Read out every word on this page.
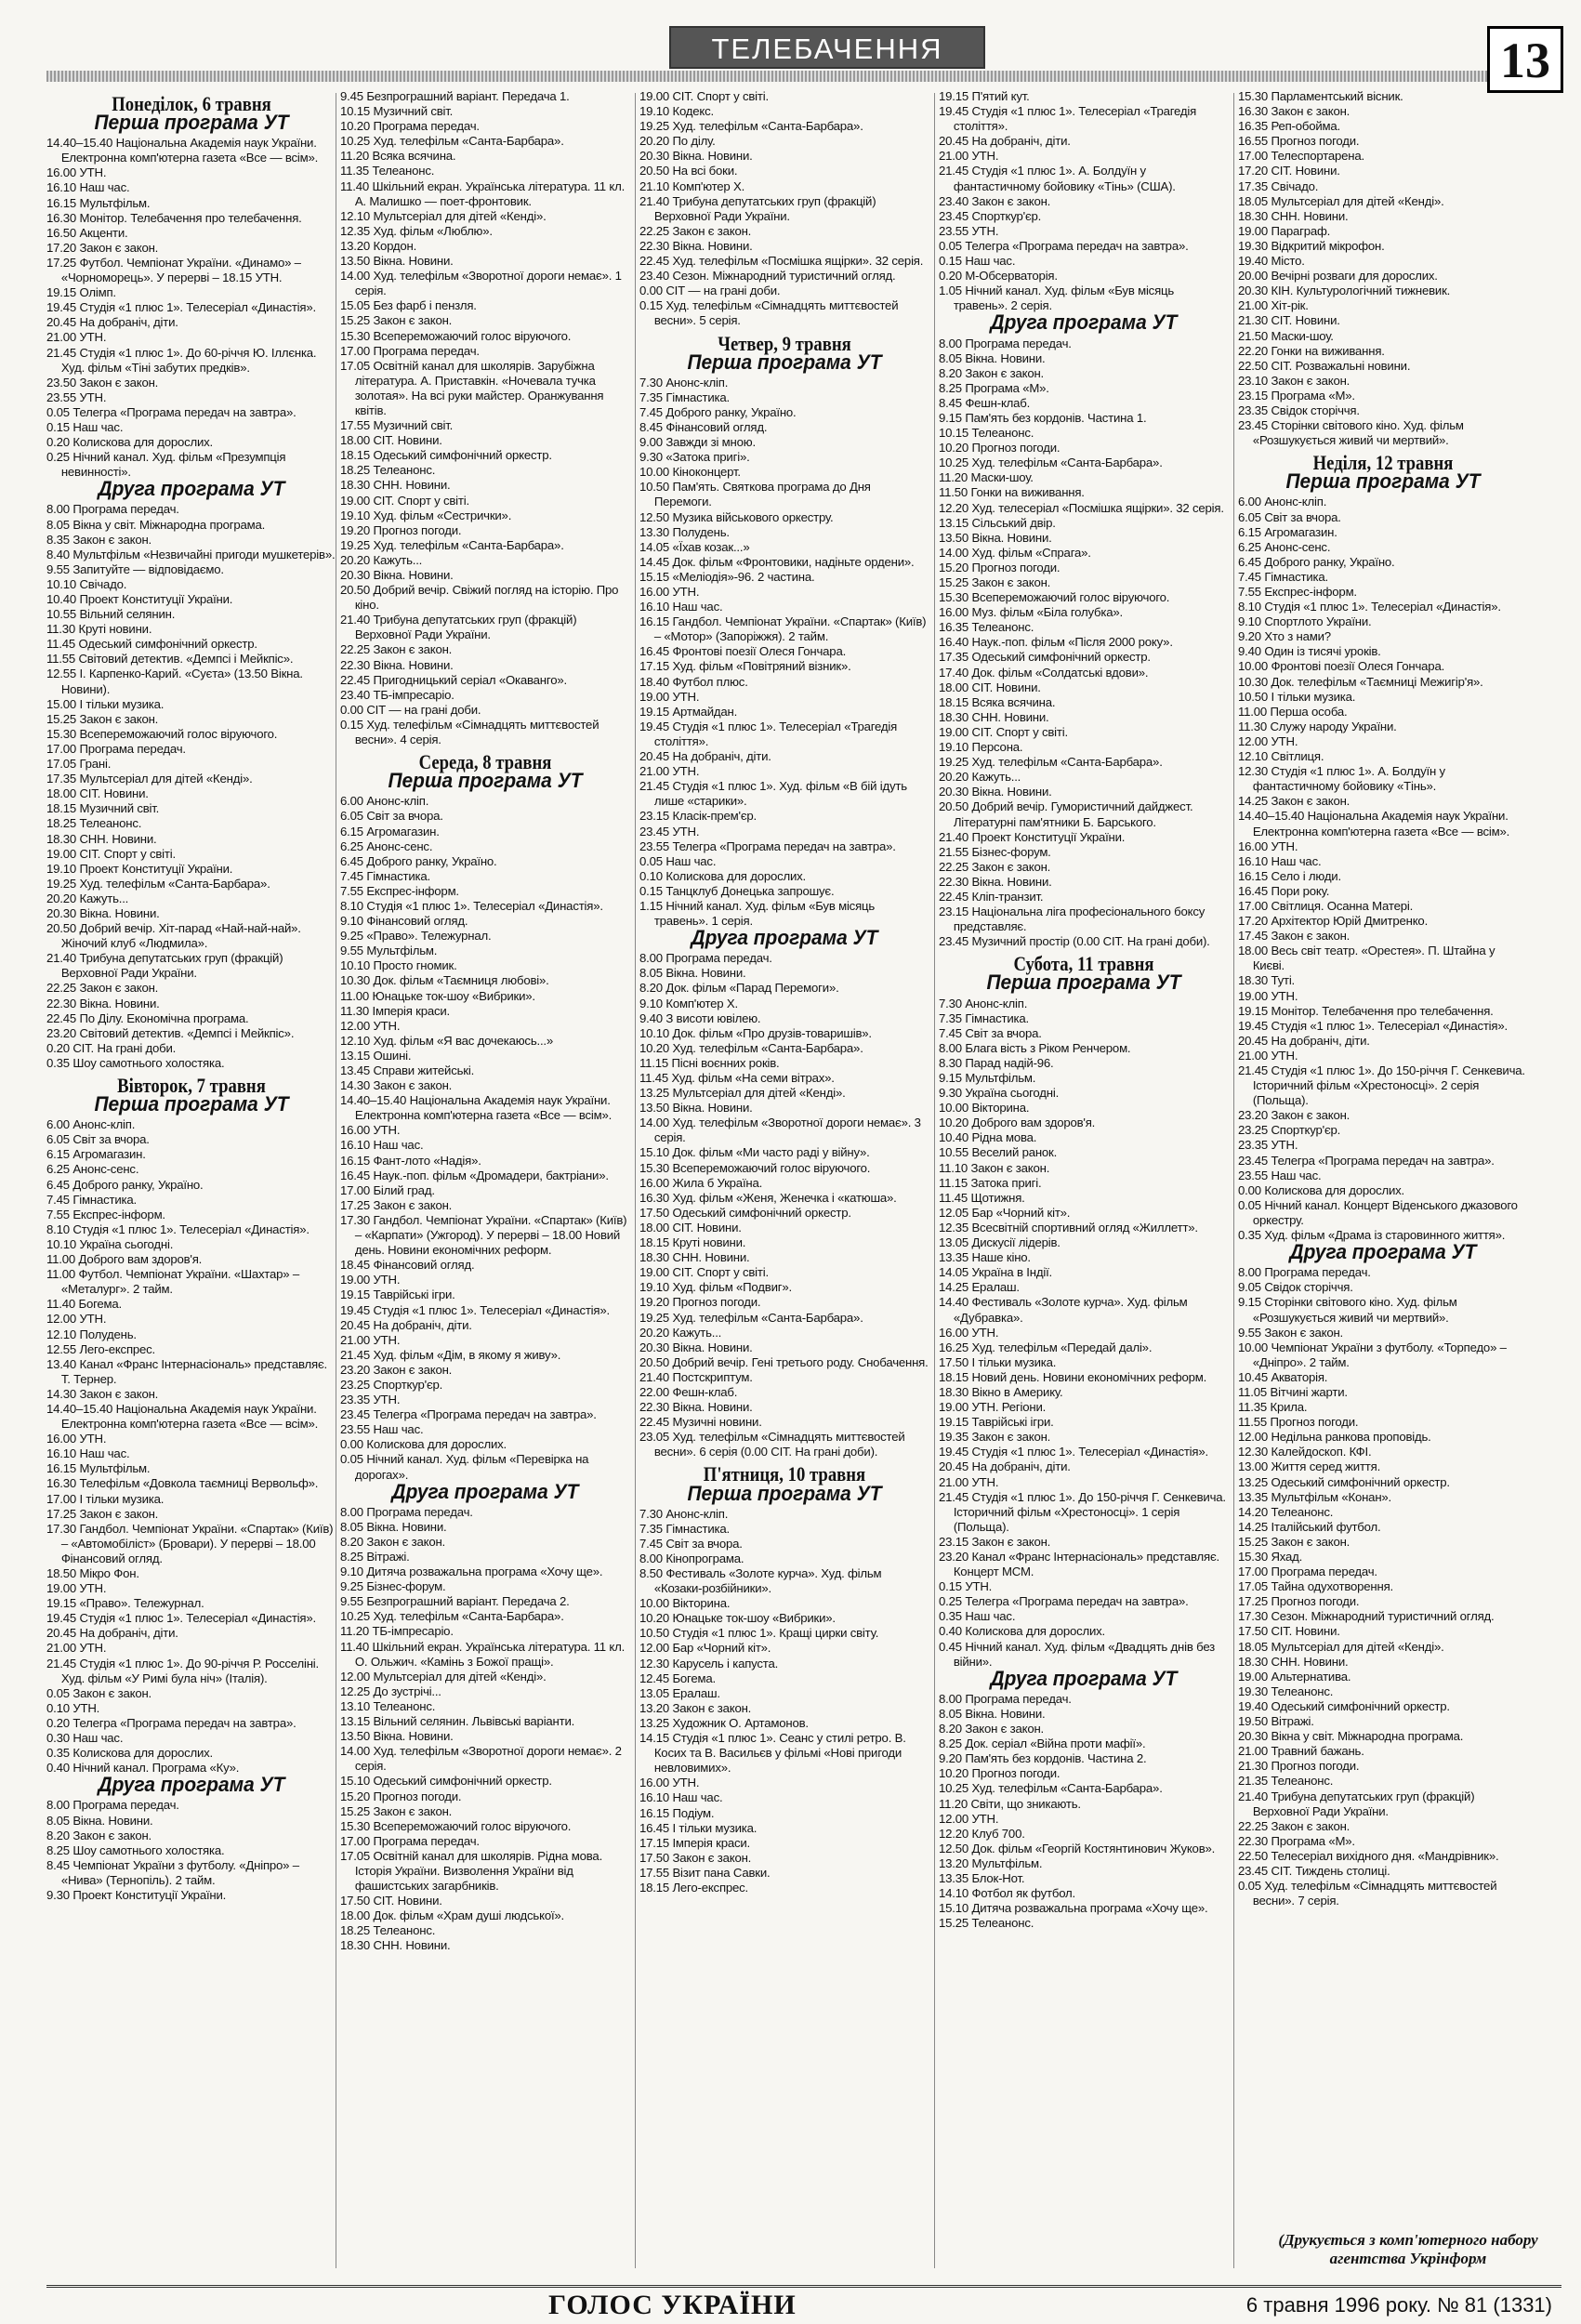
ТЕЛЕБАЧЕННЯ	13
Понеділок, 6 травня
Перша програма УТ

14.40–15.40 Національна Академія наук України. Електронна комп'ютерна газета «Все — всім».

16.00 УТН.

16.10 Наш час.

16.15 Мультфільм.

16.30 Монітор. Телебачення про телебачення.

16.50 Акценти.

17.20 Закон є закон.

17.25 Футбол. Чемпіонат України. «Динамо» – «Чорноморець». У перерві – 18.15 УТН.

19.15 Олімп.

19.45 Студія «1 плюс 1». Телесеріал «Династія».

20.45 На добраніч, діти.

21.00 УТН.

21.45 Студія «1 плюс 1». До 60-річчя Ю. Іллєнка. Худ. фільм «Тіні забутих предків».

23.50 Закон є закон.

23.55 УТН.

0.05 Телегра «Програма передач на завтра».

0.15 Наш час.

0.20 Колискова для дорослих.

0.25 Нічний канал. Худ. фільм «Презумпція невинності».

Друга програма УТ

8.00 Програма передач.

8.05 Вікна у світ. Міжнародна програма.

8.35 Закон є закон.

8.40 Мультфільм «Незвичайні пригоди мушкетерів».

9.55 Запитуйте — відповідаємо.

10.10 Свічадо.

10.40 Проект Конституції України.

10.55 Вільний селянин.

11.30 Круті новини.

11.45 Одеський симфонічний оркестр.

11.55 Світовий детектив. «Демпсі і Мейкпіс».

12.55 І. Карпенко-Карий. «Суєта» (13.50 Вікна. Новини).

15.00 І тільки музика.

15.25 Закон є закон.

15.30 Всепереможаючий голос віруючого.

17.00 Програма передач.

17.05 Грані.

17.35 Мультсеріал для дітей «Кенді».

18.00 СІТ. Новини.

18.15 Музичний світ.

18.25 Телеанонс.

18.30 СНН. Новини.

19.00 СІТ. Спорт у світі.

19.10 Проект Конституції України.

19.25 Худ. телефільм «Санта-Барбара».

20.20 Кажуть...

20.30 Вікна. Новини.

20.50 Добрий вечір. Хіт-парад «Най-най-най». Жіночий клуб «Людмила».

21.40 Трибуна депутатських груп (фракцій) Верховної Ради України.

22.25 Закон є закон.

22.30 Вікна. Новини.

22.45 По Ділу. Економічна програма.

23.20 Світовий детектив. «Демпсі і Мейкпіс».

0.20 СІТ. На грані доби.

0.35 Шоу самотнього холостяка.

Вівторок, 7 травня
Перша програма УТ

6.00 Анонс-кліп.

6.05 Світ за вчора.

6.15 Агромагазин.

6.25 Анонс-сенс.

6.45 Доброго ранку, Україно.

7.45 Гімнастика.

7.55 Експрес-інформ.

8.10 Студія «1 плюс 1». Телесеріал «Династія».

10.10 Україна сьогодні.

11.00 Доброго вам здоров'я.

11.00 Футбол. Чемпіонат України. «Шахтар» – «Металург». 2 тайм.

11.40 Богема.

12.00 УТН.

12.10 Полудень.

12.55 Лего-експрес.

13.40 Канал «Франс Інтернасіональ» представляє. Т. Тернер.

14.30 Закон є закон.

14.40–15.40 Національна Академія наук України. Електронна комп'ютерна газета «Все — всім».

16.00 УТН.

16.10 Наш час.

16.15 Мультфільм.

16.30 Телефільм «Довкола таємниці Вервольф».

17.00 І тільки музика.

17.25 Закон є закон.

17.30 Гандбол. Чемпіонат України. «Спартак» (Київ) – «Автомобіліст» (Бровари). У перерві – 18.00 Фінансовий огляд.

18.50 Мікро Фон.

19.00 УТН.

19.15 «Право». Тележурнал.

19.45 Студія «1 плюс 1». Телесеріал «Династія».

20.45 На добраніч, діти.

21.00 УТН.

21.45 Студія «1 плюс 1». До 90-річчя Р. Росселіні. Худ. фільм «У Римі була ніч» (Італія).

0.05 Закон є закон.

0.10 УТН.

0.20 Телегра «Програма передач на завтра».

0.30 Наш час.

0.35 Колискова для дорослих.

0.40 Нічний канал. Програма «Ку».

Друга програма УТ

8.00 Програма передач.

8.05 Вікна. Новини.

8.20 Закон є закон.

8.25 Шоу самотнього холостяка.

8.45 Чемпіонат України з футболу. «Дніпро» – «Нива» (Тернопіль). 2 тайм.

9.30 Проект Конституції України.

9.45 Безпрограшний варіант. Передача 1.

10.15 Музичний світ.

10.20 Програма передач.

10.25 Худ. телефільм «Санта-Барбара».

11.20 Всяка всячина.

11.35 Телеанонс.

11.40 Шкільний екран. Українська література. 11 кл. А. Малишко — поет-фронтовик.

12.10 Мультсеріал для дітей «Кенді».

12.35 Худ. фільм «Люблю».

13.20 Кордон.

13.50 Вікна. Новини.

14.00 Худ. телефільм «Зворотної дороги немає». 1 серія.

15.05 Без фарб і пензля.

15.25 Закон є закон.

15.30 Всепереможаючий голос віруючого.

17.00 Програма передач.

17.05 Освітній канал для школярів. Зарубіжна література. А. Приставкін. «Ночевала тучка золотая». На всі руки майстер. Оранжування квітів.

17.55 Музичний світ.

18.00 СІТ. Новини.

18.15 Одеський симфонічний оркестр.

18.25 Телеанонс.

18.30 СНН. Новини.

19.00 СІТ. Спорт у світі.

19.10 Худ. фільм «Сестрички».

19.20 Прогноз погоди.

19.25 Худ. телефільм «Санта-Барбара».

20.20 Кажуть...

20.30 Вікна. Новини.

20.50 Добрий вечір. Свіжий погляд на історію. Про кіно.

21.40 Трибуна депутатських груп (фракцій) Верховної Ради України.

22.25 Закон є закон.

22.30 Вікна. Новини.

22.45 Пригодницький серіал «Окаванго».

23.40 ТБ-імпресаріо.

0.00 СІТ — на грані доби.

0.15 Худ. телефільм «Сімнадцять миттєвостей весни». 4 серія.

Середа, 8 травня
Перша програма УТ

6.00 Анонс-кліп.

6.05 Світ за вчора.

6.15 Агромагазин.

6.25 Анонс-сенс.

6.45 Доброго ранку, Україно.

7.45 Гімнастика.

7.55 Експрес-інформ.

8.10 Студія «1 плюс 1». Телесеріал «Династія».

9.10 Фінансовий огляд.

9.25 «Право». Тележурнал.

9.55 Мультфільм.

10.10 Просто гномик.

10.30 Док. фільм «Таємниця любові».

11.00 Юнацьке ток-шоу «Вибрики».

11.30 Імперія краси.

12.00 УТН.

12.10 Худ. фільм «Я вас дочекаюсь...»

13.15 Ошині.

13.45 Справи житейські.

14.30 Закон є закон.

14.40–15.40 Національна Академія наук України. Електронна комп'ютерна газета «Все — всім».

16.00 УТН.

16.10 Наш час.

16.15 Фант-лото «Надія».

16.45 Наук.-поп. фільм «Дромадери, бактріани».

17.00 Білий град.

17.25 Закон є закон.

17.30 Гандбол. Чемпіонат України. «Спартак» (Київ) – «Карпати» (Ужгород). У перерві – 18.00 Новий день. Новини економічних реформ.

18.45 Фінансовий огляд.

19.00 УТН.

19.15 Таврійські ігри.

19.45 Студія «1 плюс 1». Телесеріал «Династія».

20.45 На добраніч, діти.

21.00 УТН.

21.45 Худ. фільм «Дім, в якому я живу».

23.20 Закон є закон.

23.25 Спорткур'єр.

23.35 УТН.

23.45 Телегра «Програма передач на завтра».

23.55 Наш час.

0.00 Колискова для дорослих.

0.05 Нічний канал. Худ. фільм «Перевірка на дорогах».

Друга програма УТ

8.00 Програма передач.

8.05 Вікна. Новини.

8.20 Закон є закон.

8.25 Вітражі.

9.10 Дитяча розважальна програма «Хочу ще».

9.25 Бізнес-форум.

9.55 Безпрограшний варіант. Передача 2.

10.25 Худ. телефільм «Санта-Барбара».

11.20 ТБ-імпресаріо.

11.40 Шкільний екран. Українська література. 11 кл. О. Ольжич. «Камінь з Божої пращі».

12.00 Мультсеріал для дітей «Кенді».

12.25 До зустрічі...

13.10 Телеанонс.

13.15 Вільний селянин. Львівські варіанти.

13.50 Вікна. Новини.

14.00 Худ. телефільм «Зворотної дороги немає». 2 серія.

15.10 Одеський симфонічний оркестр.

15.20 Прогноз погоди.

15.25 Закон є закон.

15.30 Всепереможаючий голос віруючого.

17.00 Програма передач.

17.05 Освітній канал для школярів. Рідна мова. Історія України. Визволення України від фашистських загарбників.

17.50 СІТ. Новини.

18.00 Док. фільм «Храм душі людської».

18.25 Телеанонс.

18.30 СНН. Новини.

19.00 СІТ. Спорт у світі.

19.10 Кодекс.

19.25 Худ. телефільм «Санта-Барбара».

20.20 По ділу.

20.30 Вікна. Новини.

20.50 На всі боки.

21.10 Комп'ютер Х.

21.40 Трибуна депутатських груп (фракцій) Верховної Ради України.

22.25 Закон є закон.

22.30 Вікна. Новини.

22.45 Худ. телефільм «Посмішка ящірки». 32 серія.

23.40 Сезон. Міжнародний туристичний огляд.

0.00 СІТ — на грані доби.

0.15 Худ. телефільм «Сімнадцять миттєвостей весни». 5 серія.

Четвер, 9 травня
Перша програма УТ

7.30 Анонс-кліп.

7.35 Гімнастика.

7.45 Доброго ранку, Україно.

8.45 Фінансовий огляд.

9.00 Завжди зі мною.

9.30 «Затока пригі».

10.00 Кіноконцерт.

10.50 Пам'ять. Святкова програма до Дня Перемоги.

12.50 Музика військового оркестру.

13.30 Полудень.

14.05 «Їхав козак...»

14.45 Док. фільм «Фронтовики, надіньте ордени».

15.15 «Меліодія»-96. 2 частина.

16.00 УТН.

16.10 Наш час.

16.15 Гандбол. Чемпіонат України. «Спартак» (Київ) – «Мотор» (Запоріжжя). 2 тайм.

16.45 Фронтові поезії Олеся Гончара.

17.15 Худ. фільм «Повітряний візник».

18.40 Футбол плюс.

19.00 УТН.

19.15 Артмайдан.

19.45 Студія «1 плюс 1». Телесеріал «Трагедія століття».

20.45 На добраніч, діти.

21.00 УТН.

21.45 Студія «1 плюс 1». Худ. фільм «В бій ідуть лише «старики».

23.15 Класік-прем'єр.

23.45 УТН.

23.55 Телегра «Програма передач на завтра».

0.05 Наш час.

0.10 Колискова для дорослих.

0.15 Танцклуб Донецька запрошує.

1.15 Нічний канал. Худ. фільм «Був місяць травень». 1 серія.

Друга програма УТ

8.00 Програма передач.

8.05 Вікна. Новини.

8.20 Док. фільм «Парад Перемоги».

9.10 Комп'ютер Х.

9.40 З висоти ювілею.

10.10 Док. фільм «Про друзів-товаришів».

10.20 Худ. телефільм «Санта-Барбара».

11.15 Пісні воєнних років.

11.45 Худ. фільм «На семи вітрах».

13.25 Мультсеріал для дітей «Кенді».

13.50 Вікна. Новини.

14.00 Худ. телефільм «Зворотної дороги немає». 3 серія.

15.10 Док. фільм «Ми часто раді у війну».

15.30 Всепереможаючий голос віруючого.

16.00 Жила б Україна.

16.30 Худ. фільм «Женя, Женечка і «катюша».

17.50 Одеський симфонічний оркестр.

18.00 СІТ. Новини.

18.15 Круті новини.

18.30 СНН. Новини.

19.00 СІТ. Спорт у світі.

19.10 Худ. фільм «Подвиг».

19.20 Прогноз погоди.

19.25 Худ. телефільм «Санта-Барбара».

20.20 Кажуть...

20.30 Вікна. Новини.

20.50 Добрий вечір. Гені третього роду. Снобачення.

21.40 Постскриптум.

22.00 Фешн-клаб.

22.30 Вікна. Новини.

22.45 Музичні новини.

23.05 Худ. телефільм «Сімнадцять миттєвостей весни». 6 серія (0.00 СІТ. На грані доби).

П'ятниця, 10 травня
Перша програма УТ

7.30 Анонс-кліп.

7.35 Гімнастика.

7.45 Світ за вчора.

8.00 Кінопрограма.

8.50 Фестиваль «Золоте курча». Худ. фільм «Козаки-розбійники».

10.00 Вікторина.

10.20 Юнацьке ток-шоу «Вибрики».

10.50 Студія «1 плюс 1». Кращі цирки світу.

12.00 Бар «Чорний кіт».

12.30 Карусель і капуста.

12.45 Богема.

13.05 Ералаш.

13.20 Закон є закон.

13.25 Художник О. Артамонов.

14.15 Студія «1 плюс 1». Сеанс у стилі ретро. В. Косих та В. Васильєв у фільмі «Нові пригоди невловимих».

16.00 УТН.

16.10 Наш час.

16.15 Подіум.

16.45 І тільки музика.

17.15 Імперія краси.

17.50 Закон є закон.

17.55 Візит пана Савки.

18.15 Лего-експрес.

19.15 П'ятий кут.

19.45 Студія «1 плюс 1». Телесеріал «Трагедія століття».

20.45 На добраніч, діти.

21.00 УТН.

21.45 Студія «1 плюс 1». А. Болдуїн у фантастичному бойовику «Тінь» (США).

23.40 Закон є закон.

23.45 Спорткур'єр.

23.55 УТН.

0.05 Телегра «Програма передач на завтра».

0.15 Наш час.

0.20 М-Обсерваторія.

1.05 Нічний канал. Худ. фільм «Був місяць травень». 2 серія.

Друга програма УТ

8.00 Програма передач.

8.05 Вікна. Новини.

8.20 Закон є закон.

8.25 Програма «М».

8.45 Фешн-клаб.

9.15 Пам'ять без кордонів. Частина 1.

10.15 Телеанонс.

10.20 Прогноз погоди.

10.25 Худ. телефільм «Санта-Барбара».

11.20 Маски-шоу.

11.50 Гонки на виживання.

12.20 Худ. телесеріал «Посмішка ящірки». 32 серія.

13.15 Сільський двір.

13.50 Вікна. Новини.

14.00 Худ. фільм «Спрага».

15.20 Прогноз погоди.

15.25 Закон є закон.

15.30 Всепереможаючий голос віруючого.

16.00 Муз. фільм «Біла голубка».

16.35 Телеанонс.

16.40 Наук.-поп. фільм «Після 2000 року».

17.35 Одеський симфонічний оркестр.

17.40 Док. фільм «Солдатські вдови».

18.00 СІТ. Новини.

18.15 Всяка всячина.

18.30 СНН. Новини.

19.00 СІТ. Спорт у світі.

19.10 Персона.

19.25 Худ. телефільм «Санта-Барбара».

20.20 Кажуть...

20.30 Вікна. Новини.

20.50 Добрий вечір. Гумористичний дайджест. Літературні пам'ятники Б. Барського.

21.40 Проект Конституції України.

21.55 Бізнес-форум.

22.25 Закон є закон.

22.30 Вікна. Новини.

22.45 Кліп-транзит.

23.15 Національна ліга професіонального боксу представляє.

23.45 Музичний простір (0.00 СІТ. На грані доби).

Субота, 11 травня
Перша програма УТ

7.30 Анонс-кліп.

7.35 Гімнастика.

7.45 Світ за вчора.

8.00 Блага вість з Рікoм Ренчером.

8.30 Парад надій-96.

9.15 Мультфільм.

9.30 Україна сьогодні.

10.00 Вікторина.

10.20 Доброго вам здоров'я.

10.40 Рідна мова.

10.55 Веселий ранок.

11.10 Закон є закон.

11.15 Затока пригі.

11.45 Щотижня.

12.05 Бар «Чорний кіт».

12.35 Всесвітній спортивний огляд «Жиллетт».

13.05 Дискусії лідерів.

13.35 Наше кіно.

14.05 Україна в Індії.

14.25 Ералаш.

14.40 Фестиваль «Золоте курча». Худ. фільм «Дубравка».

16.00 УТН.

16.25 Худ. телефільм «Передай далі».

17.50 І тільки музика.

18.15 Новий день. Новини економічних реформ.

18.30 Вікно в Америку.

19.00 УТН. Регіони.

19.15 Таврійські ігри.

19.35 Закон є закон.

19.45 Студія «1 плюс 1». Телесеріал «Династія».

20.45 На добраніч, діти.

21.00 УТН.

21.45 Студія «1 плюс 1». До 150-річчя Г. Сенкевича. Історичний фільм «Хрестоносці». 1 серія (Польща).

23.15 Закон є закон.

23.20 Канал «Франс Інтернасіональ» представляє. Концерт МСМ.

0.15 УТН.

0.25 Телегра «Програма передач на завтра».

0.35 Наш час.

0.40 Колискова для дорослих.

0.45 Нічний канал. Худ. фільм «Двадцять днів без війни».

Друга програма УТ

8.00 Програма передач.

8.05 Вікна. Новини.

8.20 Закон є закон.

8.25 Док. серіал «Війна проти мафії».

9.20 Пам'ять без кордонів. Частина 2.

10.20 Прогноз погоди.

10.25 Худ. телефільм «Санта-Барбара».

11.20 Світи, що зникають.

12.00 УТН.

12.20 Клуб 700.

12.50 Док. фільм «Георгій Костянтинович Жуков».

13.20 Мультфільм.

13.35 Блок-Нот.

14.10 Фотбол як футбол.

15.10 Дитяча розважальна програма «Хочу ще».

15.25 Телеанонс.

15.30 Парламентський вісник.

16.30 Закон є закон.

16.35 Реп-обойма.

16.55 Прогноз погоди.

17.00 Телеспортарена.

17.20 СІТ. Новини.

17.35 Свічадо.

18.05 Мультсеріал для дітей «Кенді».

18.30 СНН. Новини.

19.00 Параграф.

19.30 Відкритий мікрофон.

19.40 Місто.

20.00 Вечірні розваги для дорослих.

20.30 КІН. Культурологічний тижневик.

21.00 Хіт-рік.

21.30 СІТ. Новини.

21.50 Маски-шоу.

22.20 Гонки на виживання.

22.50 СІТ. Розважальні новини.

23.10 Закон є закон.

23.15 Програма «М».

23.35 Свідок сторіччя.

23.45 Сторінки світового кіно. Худ. фільм «Розшукується живий чи мертвий».

Неділя, 12 травня
Перша програма УТ

6.00 Анонс-кліп.

6.05 Світ за вчора.

6.15 Агромагазин.

6.25 Анонс-сенс.

6.45 Доброго ранку, Україно.

7.45 Гімнастика.

7.55 Експрес-інформ.

8.10 Студія «1 плюс 1». Телесеріал «Династія».

9.10 Спортлото України.

9.20 Хто з нами?

9.40 Один із тисячі уроків.

10.00 Фронтові поезії Олеся Гончара.

10.30 Док. телефільм «Таємниці Межигір'я».

10.50 І тільки музика.

11.00 Перша особа.

11.30 Служу народу України.

12.00 УТН.

12.10 Світлиця.

12.30 Студія «1 плюс 1». А. Болдуїн у фантастичному бойовику «Тінь».

14.25 Закон є закон.

14.40–15.40 Національна Академія наук України. Електронна комп'ютерна газета «Все — всім».

16.00 УТН.

16.10 Наш час.

16.15 Село і люди.

16.45 Пори року.

17.00 Світлиця. Осанна Матері.

17.20 Архітектор Юрій Дмитренко.

17.45 Закон є закон.

18.00 Весь світ театр. «Орестея». П. Штайна у Києві.

18.30 Туті.

19.00 УТН.

19.15 Монітор. Телебачення про телебачення.

19.45 Студія «1 плюс 1». Телесеріал «Династія».

20.45 На добраніч, діти.

21.00 УТН.

21.45 Студія «1 плюс 1». До 150-річчя Г. Сенкевича. Історичний фільм «Хрестоносці». 2 серія (Польща).

23.20 Закон є закон.

23.25 Спорткур'єр.

23.35 УТН.

23.45 Телегра «Програма передач на завтра».

23.55 Наш час.

0.00 Колискова для дорослих.

0.05 Нічний канал. Концерт Віденського джазового оркестру.

0.35 Худ. фільм «Драма із старовинного життя».

Друга програма УТ

8.00 Програма передач.

9.05 Свідок сторіччя.

9.15 Сторінки світового кіно. Худ. фільм «Розшукується живий чи мертвий».

9.55 Закон є закон.

10.00 Чемпіонат України з футболу. «Торпедо» – «Дніпро». 2 тайм.

10.45 Акваторія.

11.05 Вітчині жарти.

11.35 Крила.

11.55 Прогноз погоди.

12.00 Недільна ранкова проповідь.

12.30 Калейдоскоп. КФІ.

13.00 Життя серед життя.

13.25 Одеський симфонічний оркестр.

13.35 Мультфільм «Конан».

14.20 Телеанонс.

14.25 Італійський футбол.

15.25 Закон є закон.

15.30 Яхад.

17.00 Програма передач.

17.05 Тайна одухотворення.

17.25 Прогноз погоди.

17.30 Сезон. Міжнародний туристичний огляд.

17.50 СІТ. Новини.

18.05 Мультсеріал для дітей «Кенді».

18.30 СНН. Новини.

19.00 Альтернатива.

19.30 Телеанонс.

19.40 Одеський симфонічний оркестр.

19.50 Вітражі.

20.30 Вікна у світ. Міжнародна програма.

21.00 Травний бажань.

21.30 Прогноз погоди.

21.35 Телеанонс.

21.40 Трибуна депутатських груп (фракцій) Верховної Ради України.

22.25 Закон є закон.

22.30 Програма «М».

22.50 Телесеріал вихідного дня. «Мандрівник».

23.45 СІТ. Тиждень столиці.

0.05 Худ. телефільм «Сімнадцять миттєвостей весни». 7 серія.

(Друкується з комп'ютерного набору агентства Укрінформ
ГОЛОС УКРАЇНИ	6 травня 1996 року. № 81 (1331)
